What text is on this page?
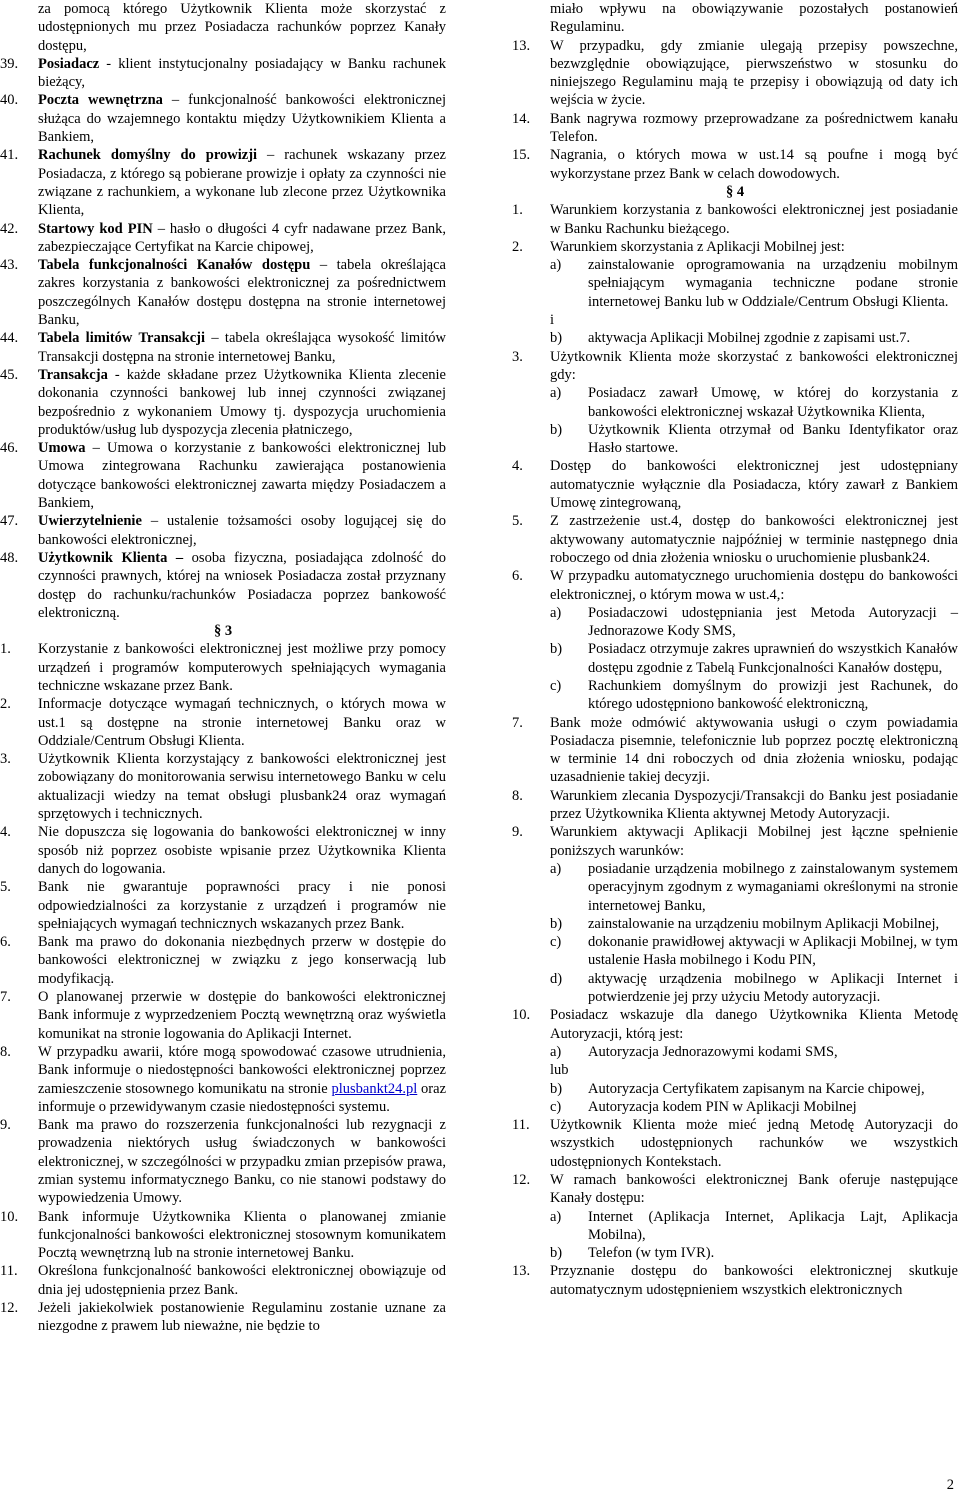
za pomocą którego Użytkownik Klienta może skorzystać z udostępnionych mu przez Posiadacza rachunków poprzez Kanały dostępu,
39.	Posiadacz - klient instytucjonalny posiadający w Banku rachunek bieżący,
40.	Poczta wewnętrzna – funkcjonalność bankowości elektronicznej służąca do wzajemnego kontaktu między Użytkownikiem Klienta a Bankiem,
41.	Rachunek domyślny do prowizji – rachunek wskazany przez Posiadacza, z którego są pobierane prowizje i opłaty za czynności nie związane z rachunkiem, a wykonane lub zlecone przez Użytkownika Klienta,
42.	Startowy kod PIN – hasło o długości 4 cyfr nadawane przez Bank, zabezpieczające Certyfikat na Karcie chipowej,
43.	Tabela funkcjonalności Kanałów dostępu – tabela określająca zakres korzystania z bankowości elektronicznej za pośrednictwem poszczególnych Kanałów dostępu dostępna na stronie internetowej Banku,
44.	Tabela limitów Transakcji – tabela określająca wysokość limitów Transakcji dostępna na stronie internetowej Banku,
45.	Transakcja - każde składane przez Użytkownika Klienta zlecenie dokonania czynności bankowej lub innej czynności związanej bezpośrednio z wykonaniem Umowy tj. dyspozycja uruchomienia produktów/usług lub dyspozycja zlecenia płatniczego,
46.	Umowa – Umowa o korzystanie z bankowości elektronicznej lub Umowa zintegrowana Rachunku zawierająca postanowienia dotyczące bankowości elektronicznej zawarta między Posiadaczem a Bankiem,
47.	Uwierzytelnienie – ustalenie tożsamości osoby logującej się do bankowości elektronicznej,
48.	Użytkownik Klienta – osoba fizyczna, posiadająca zdolność do czynności prawnych, której na wniosek Posiadacza został przyznany dostęp do rachunku/rachunków Posiadacza poprzez bankowość elektroniczną.
§ 3
1.	Korzystanie z bankowości elektronicznej jest możliwe przy pomocy urządzeń i programów komputerowych spełniających wymagania techniczne wskazane przez Bank.
2.	Informacje dotyczące wymagań technicznych, o których mowa w ust.1 są dostępne na stronie internetowej Banku oraz w Oddziale/Centrum Obsługi Klienta.
3.	Użytkownik Klienta korzystający z bankowości elektronicznej jest zobowiązany do monitorowania serwisu internetowego Banku w celu aktualizacji wiedzy na temat obsługi plusbank24 oraz wymagań sprzętowych i technicznych.
4.	Nie dopuszcza się logowania do bankowości elektronicznej w inny sposób niż poprzez osobiste wpisanie przez Użytkownika Klienta danych do logowania.
5.	Bank nie gwarantuje poprawności pracy i nie ponosi odpowiedzialności za korzystanie z urządzeń i programów nie spełniających wymagań technicznych wskazanych przez Bank.
6.	Bank ma prawo do dokonania niezbędnych przerw w dostępie do bankowości elektronicznej w związku z jego konserwacją lub modyfikacją.
7.	O planowanej przerwie w dostępie do bankowości elektronicznej Bank informuje z wyprzedzeniem Pocztą wewnętrzną oraz wyświetla komunikat na stronie logowania do Aplikacji Internet.
8.	W przypadku awarii, które mogą spowodować czasowe utrudnienia, Bank informuje o niedostępności bankowości elektronicznej poprzez zamieszczenie stosownego komunikatu na stronie plusbankt24.pl oraz informuje o przewidywanym czasie niedostępności systemu.
9.	Bank ma prawo do rozszerzenia funkcjonalności lub rezygnacji z prowadzenia niektórych usług świadczonych w bankowości elektronicznej, w szczególności w przypadku zmian przepisów prawa, zmian systemu informatycznego Banku, co nie stanowi podstawy do wypowiedzenia Umowy.
10.	Bank informuje Użytkownika Klienta o planowanej zmianie funkcjonalności bankowości elektronicznej stosownym komunikatem Pocztą wewnętrzną lub na stronie internetowej Banku.
11.	Określona funkcjonalność bankowości elektronicznej obowiązuje od dnia jej udostępnienia przez Bank.
12.	Jeżeli jakiekolwiek postanowienie Regulaminu zostanie uznane za niezgodne z prawem lub nieważne, nie będzie to
miało wpływu na obowiązywanie pozostałych postanowień Regulaminu.
13.	W przypadku, gdy zmianie ulegają przepisy powszechne, bezwzględnie obowiązujące, pierwszeństwo w stosunku do niniejszego Regulaminu mają te przepisy i obowiązują od daty ich wejścia w życie.
14.	Bank nagrywa rozmowy przeprowadzane za pośrednictwem kanału Telefon.
15.	Nagrania, o których mowa w ust.14 są poufne i mogą być wykorzystane przez Bank w celach dowodowych.
§ 4
1.	Warunkiem korzystania z bankowości elektronicznej jest posiadanie w Banku Rachunku bieżącego.
2.	Warunkiem skorzystania z Aplikacji Mobilnej jest:
a) zainstalowanie oprogramowania na urządzeniu mobilnym spełniającym wymagania techniczne podane stronie internetowej Banku lub w Oddziale/Centrum Obsługi Klienta.
i
b) aktywacja Aplikacji Mobilnej zgodnie z zapisami ust.7.
3.	Użytkownik Klienta może skorzystać z bankowości elektronicznej gdy:
a) Posiadacz zawarł Umowę, w której do korzystania z bankowości elektronicznej wskazał Użytkownika Klienta,
b) Użytkownik Klienta otrzymał od Banku Identyfikator oraz Hasło startowe.
4.	Dostęp do bankowości elektronicznej jest udostępniany automatycznie wyłącznie dla Posiadacza, który zawarł z Bankiem Umowę zintegrowaną,
5.	Z zastrzeżenie ust.4, dostęp do bankowości elektronicznej jest aktywowany automatycznie najpóźniej w terminie następnego dnia roboczego od dnia złożenia wniosku o uruchomienie plusbank24.
6.	W przypadku automatycznego uruchomienia dostępu do bankowości elektronicznej, o którym mowa w ust.4,:
a) Posiadaczowi udostępniania jest Metoda Autoryzacji – Jednorazowe Kody SMS,
b) Posiadacz otrzymuje zakres uprawnień do wszystkich Kanałów dostępu zgodnie z Tabelą Funkcjonalności Kanałów dostępu,
c) Rachunkiem domyślnym do prowizji jest Rachunek, do którego udostępniono bankowość elektroniczną,
7.	Bank może odmówić aktywowania usługi o czym powiadamia Posiadacza pisemnie, telefonicznie lub poprzez pocztę elektroniczną w terminie 14 dni roboczych od dnia złożenia wniosku, podając uzasadnienie takiej decyzji.
8.	Warunkiem zlecania Dyspozycji/Transakcji do Banku jest posiadanie przez Użytkownika Klienta aktywnej Metody Autoryzacji.
9.	Warunkiem aktywacji Aplikacji Mobilnej jest łączne spełnienie poniższych warunków:
a) posiadanie urządzenia mobilnego z zainstalowanym systemem operacyjnym zgodnym z wymaganiami określonymi na stronie internetowej Banku,
b) zainstalowanie na urządzeniu mobilnym Aplikacji Mobilnej,
c) dokonanie prawidłowej aktywacji w Aplikacji Mobilnej, w tym ustalenie Hasła mobilnego i Kodu PIN,
d) aktywację urządzenia mobilnego w Aplikacji Internet i potwierdzenie jej przy użyciu Metody autoryzacji.
10.	Posiadacz wskazuje dla danego Użytkownika Klienta Metodę Autoryzacji, którą jest:
a) Autoryzacja Jednorazowymi kodami SMS,
lub
b) Autoryzacja Certyfikatem zapisanym na Karcie chipowej,
c) Autoryzacja kodem PIN w Aplikacji Mobilnej
11.	Użytkownik Klienta może mieć jedną Metodę Autoryzacji do wszystkich udostępnionych rachunków we wszystkich udostępnionych Kontekstach.
12.	W ramach bankowości elektronicznej Bank oferuje następujące Kanały dostępu:
a) Internet (Aplikacja Internet, Aplikacja Lajt, Aplikacja Mobilna),
b) Telefon (w tym IVR).
13.	Przyznanie dostępu do bankowości elektronicznej skutkuje automatycznym udostępnieniem wszystkich elektronicznych
2
